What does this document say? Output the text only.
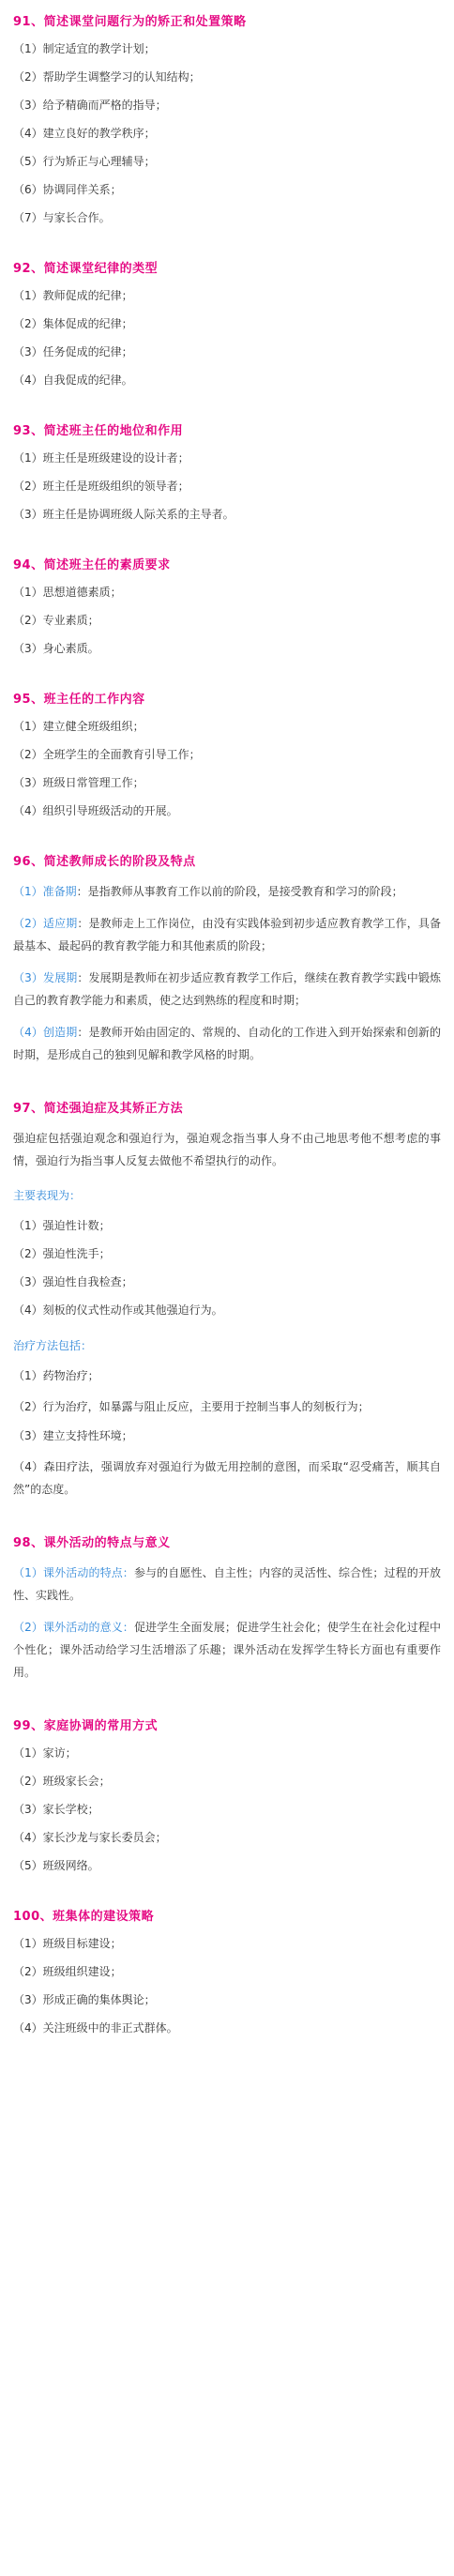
91、简述课堂问题行为的矫正和处置策略
（1）制定适宜的教学计划；
（2）帮助学生调整学习的认知结构；
（3）给予精确而严格的指导；
（4）建立良好的教学秩序；
（5）行为矫正与心理辅导；
（6）协调同伴关系；
（7）与家长合作。
92、简述课堂纪律的类型
（1）教师促成的纪律；
（2）集体促成的纪律；
（3）任务促成的纪律；
（4）自我促成的纪律。
93、简述班主任的地位和作用
（1）班主任是班级建设的设计者；
（2）班主任是班级组织的领导者；
（3）班主任是协调班级人际关系的主导者。
94、简述班主任的素质要求
（1）思想道德素质；
（2）专业素质；
（3）身心素质。
95、班主任的工作内容
（1）建立健全班级组织；
（2）全班学生的全面教育引导工作；
（3）班级日常管理工作；
（4）组织引导班级活动的开展。
96、简述教师成长的阶段及特点
（1）准备期：是指教师从事教育工作以前的阶段，是接受教育和学习的阶段；
（2）适应期：是教师走上工作岗位，由没有实践体验到初步适应教育教学工作，具备最基本、最起码的教育教学能力和其他素质的阶段；
（3）发展期：发展期是教师在初步适应教育教学工作后，继续在教育教学实践中锻炼自己的教育教学能力和素质，使之达到熟练的程度和时期；
（4）创造期：是教师开始由固定的、常规的、自动化的工作进入到开始探索和创新的时期，是形成自己的独到见解和教学风格的时期。
97、简述强迫症及其矫正方法
强迫症包括强迫观念和强迫行为，强迫观念指当事人身不由己地思考他不想考虑的事情，强迫行为指当事人反复去做他不希望执行的动作。
主要表现为：
（1）强迫性计数；
（2）强迫性洗手；
（3）强迫性自我检查；
（4）刻板的仪式性动作或其他强迫行为。
治疗方法包括：
（1）药物治疗；
（2）行为治疗，如暴露与阻止反应，主要用于控制当事人的刻板行为；
（3）建立支持性环境；
（4）森田疗法，强调放弃对强迫行为做无用控制的意图，而采取“忍受痛苦，顺其自然”的态度。
98、课外活动的特点与意义
（1）课外活动的特点：参与的自愿性、自主性；内容的灵活性、综合性；过程的开放性、实践性。
（2）课外活动的意义：促进学生全面发展；促进学生社会化；使学生在社会化过程中个性化；课外活动给学习生活增添了乐趣；课外活动在发挥学生特长方面也有重要作用。
99、家庭协调的常用方式
（1）家访；
（2）班级家长会；
（3）家长学校；
（4）家长沙龙与家长委员会；
（5）班级网络。
100、班集体的建设策略
（1）班级目标建设；
（2）班级组织建设；
（3）形成正确的集体舆论；
（4）关注班级中的非正式群体。
